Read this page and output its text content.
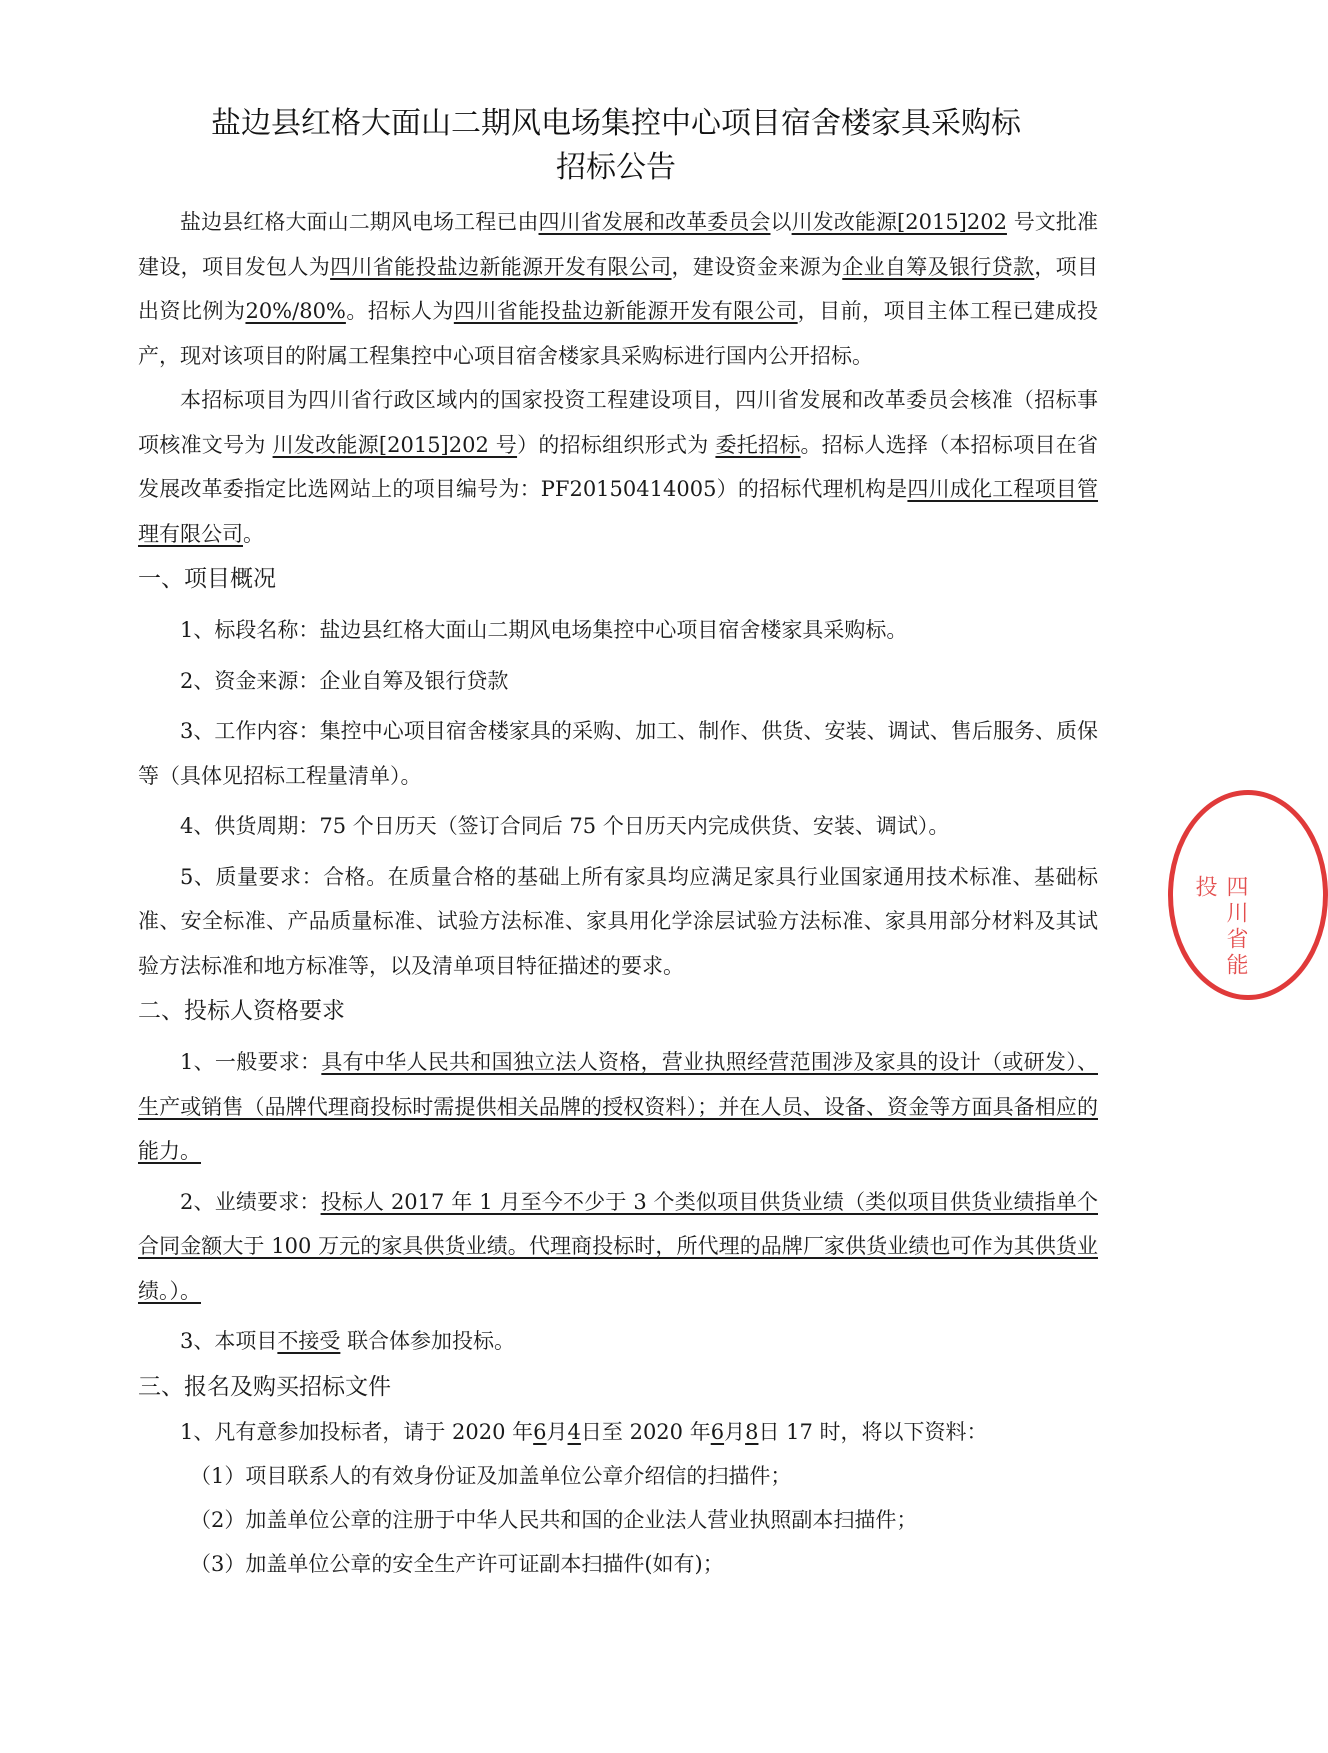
盐边县红格大面山二期风电场集控中心项目宿舍楼家具采购标
招标公告

盐边县红格大面山二期风电场工程已由四川省发展和改革委员会以川发改能源[2015]202 号文批准建设，项目发包人为四川省能投盐边新能源开发有限公司，建设资金来源为企业自筹及银行贷款，项目出资比例为20%/80%。招标人为四川省能投盐边新能源开发有限公司，目前，项目主体工程已建成投产，现对该项目的附属工程集控中心项目宿舍楼家具采购标进行国内公开招标。

本招标项目为四川省行政区域内的国家投资工程建设项目，四川省发展和改革委员会核准（招标事项核准文号为 川发改能源[2015]202 号）的招标组织形式为 委托招标。招标人选择（本招标项目在省发展改革委指定比选网站上的项目编号为：PF20150414005）的招标代理机构是四川成化工程项目管理有限公司。

一、项目概况

1、标段名称：盐边县红格大面山二期风电场集控中心项目宿舍楼家具采购标。

2、资金来源：企业自筹及银行贷款

3、工作内容：集控中心项目宿舍楼家具的采购、加工、制作、供货、安装、调试、售后服务、质保等（具体见招标工程量清单）。

4、供货周期：75 个日历天（签订合同后 75 个日历天内完成供货、安装、调试）。

5、质量要求：合格。在质量合格的基础上所有家具均应满足家具行业国家通用技术标准、基础标准、安全标准、产品质量标准、试验方法标准、家具用化学涂层试验方法标准、家具用部分材料及其试验方法标准和地方标准等，以及清单项目特征描述的要求。

二、投标人资格要求

1、一般要求：具有中华人民共和国独立法人资格，营业执照经营范围涉及家具的设计（或研发）、生产或销售（品牌代理商投标时需提供相关品牌的授权资料）；并在人员、设备、资金等方面具备相应的能力。

2、业绩要求：投标人 2017 年 1 月至今不少于 3 个类似项目供货业绩（类似项目供货业绩指单个合同金额大于 100 万元的家具供货业绩。代理商投标时，所代理的品牌厂家供货业绩也可作为其供货业绩。）。

3、本项目不接受 联合体参加投标。

三、报名及购买招标文件

1、凡有意参加投标者，请于 2020 年6月4日至 2020 年6月8日 17 时，将以下资料：

（1）项目联系人的有效身份证及加盖单位公章介绍信的扫描件；

（2）加盖单位公章的注册于中华人民共和国的企业法人营业执照副本扫描件；

（3）加盖单位公章的安全生产许可证副本扫描件(如有)；

四川省能投
